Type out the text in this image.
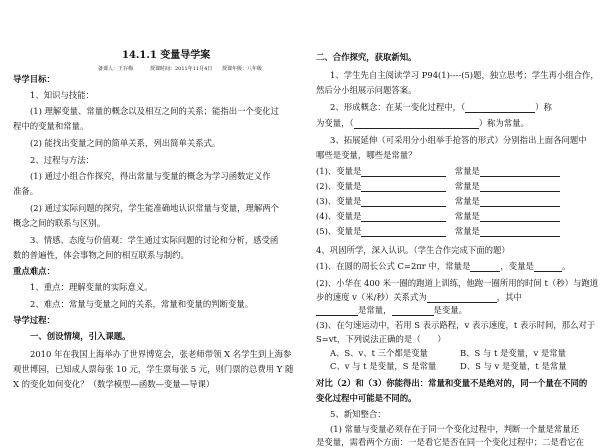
14.1.1 变量导学案
备课人：王存梅	授课时间：2011年11月4日 授课年级：八年级
导学目标：
1、知识与技能：
(1) 理解变量、常量的概念以及相互之间的关系；能指出一个变化过
程中的变量和常量。
(2) 能找出变量之间的简单关系，列出简单关系式。
2、过程与方法：
(1) 通过小组合作探究，得出常量与变量的概念为学习函数定义作
准备。
(2) 通过实际问题的探究，学生能准确地认识常量与变量，理解两个
概念之间的联系与区别。
3、情感、态度与价值观：学生通过实际问题的讨论和分析，感受函
数的普遍性，体会事物之间的相互联系与制约。
重点难点：
1、重点：理解变量的实际意义。
2、难点：常量与变量之间的关系，常量和变量的判断变量。
导学过程：
一、创设情境，引入课题。
2010 年在我国上海举办了世界博览会，张老师带领 X 名学生到上海参
观世博园，已知成人票每张 10 元，学生票每张 5 元，则门票的总费用 Y 随
X 的变化如何变化？（数学模型—函数—变量—导课）
二、合作探究，获取新知。
1、学生先自主阅读学习 P94(1)----(5)题，独立思考；学生再小组合作，
然后分小组展示问题答案。
2、形成概念：在某一变化过程中，（	）称
为变量，（	）称为常量。
3、拓展延伸（可采用分小组举手抢答的形式）分别指出上面各问题中
哪些是变量，哪些是常量？
(1)、变量是　	常量是
(2)、变量是　	常量是
(3)、变量是　	常量是
(4)、变量是　	常量是
(5)、变量是　	常量是
4、巩固所学，深入认识。（学生合作完成下面的题）
(1)、在圆的周长公式 C=2πr 中，常量是	，变量是	。
(2)、小华在 400 米一圈的跑道上训练，他跑一圈所用的时间 t（秒）与跑道
步的速度 v（米/秒）关系式为	，其中
是常量，	是变量。
(3)、在匀速运动中，若用 S 表示路程，v 表示速度，t 表示时间，那么对于
S=vt，下列说法正确的是（　　）
A、S、v、t 三个都是变量	B、S 与 t 是变量，v 是常量
C、v 与 t 是变量，S 是常量	D、S 与 v 是变量，t 是常量
对比（2）和（3）你能得出：常量和变量不是绝对的，同一个量在不同的
变化过程中可能是不同的。
5、新知整合：
(1) 常量与变量必须存在于同一个变化过程中，判断一个量是常量还
是变量，需看两个方面：一是看它是否在同一个变化过程中；二是看它在
